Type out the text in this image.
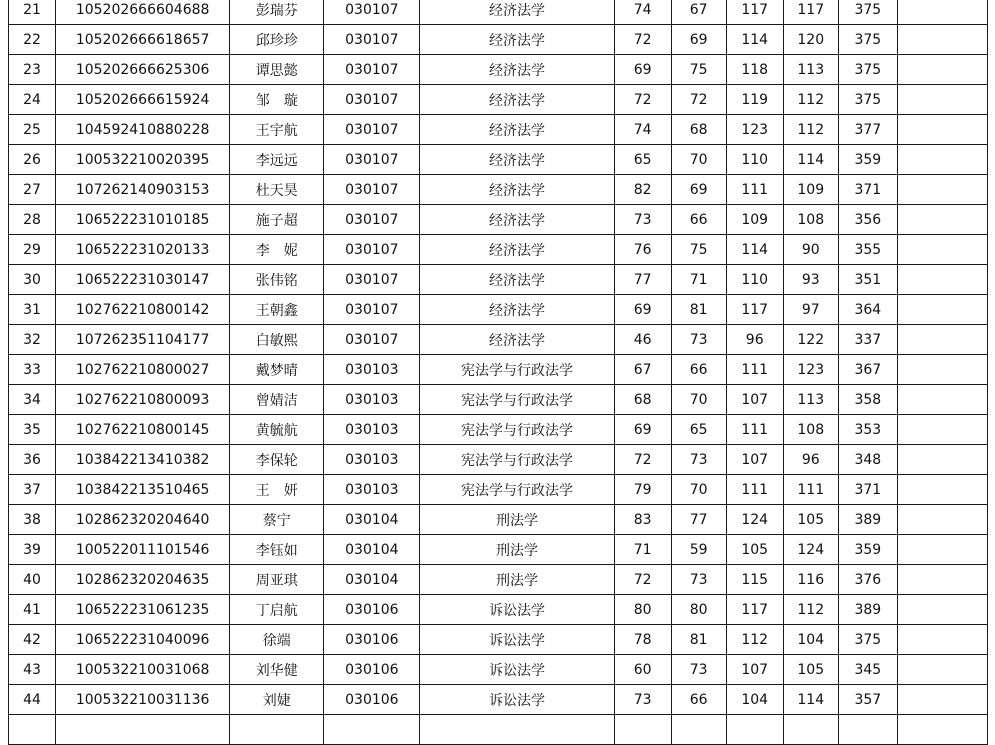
21	105202666604688	彭瑞芬	030107	经济法学	74	67	117	117	375	
22	105202666618657	邱珍珍	030107	经济法学	72	69	114	120	375	
23	105202666625306	谭思懿	030107	经济法学	69	75	118	113	375	
24	105202666615924	邹　璇	030107	经济法学	72	72	119	112	375	
25	104592410880228	王宇航	030107	经济法学	74	68	123	112	377	
26	100532210020395	李远远	030107	经济法学	65	70	110	114	359	
27	107262140903153	杜天昊	030107	经济法学	82	69	111	109	371	
28	106522231010185	施子超	030107	经济法学	73	66	109	108	356	
29	106522231020133	李　妮	030107	经济法学	76	75	114	90	355	
30	106522231030147	张伟铭	030107	经济法学	77	71	110	93	351	
31	102762210800142	王朝鑫	030107	经济法学	69	81	117	97	364	
32	107262351104177	白敏熙	030107	经济法学	46	73	96	122	337	
33	102762210800027	戴梦晴	030103	宪法学与行政法学	67	66	111	123	367	
34	102762210800093	曾婧洁	030103	宪法学与行政法学	68	70	107	113	358	
35	102762210800145	黄毓航	030103	宪法学与行政法学	69	65	111	108	353	
36	103842213410382	李保轮	030103	宪法学与行政法学	72	73	107	96	348	
37	103842213510465	王　妍	030103	宪法学与行政法学	79	70	111	111	371	
38	102862320204640	蔡宁	030104	刑法学	83	77	124	105	389	
39	100522011101546	李钰如	030104	刑法学	71	59	105	124	359	
40	102862320204635	周亚琪	030104	刑法学	72	73	115	116	376	
41	106522231061235	丁启航	030106	诉讼法学	80	80	117	112	389	
42	106522231040096	徐端	030106	诉讼法学	78	81	112	104	375	
43	100532210031068	刘华健	030106	诉讼法学	60	73	107	105	345	
44	100532210031136	刘婕	030106	诉讼法学	73	66	104	114	357	
